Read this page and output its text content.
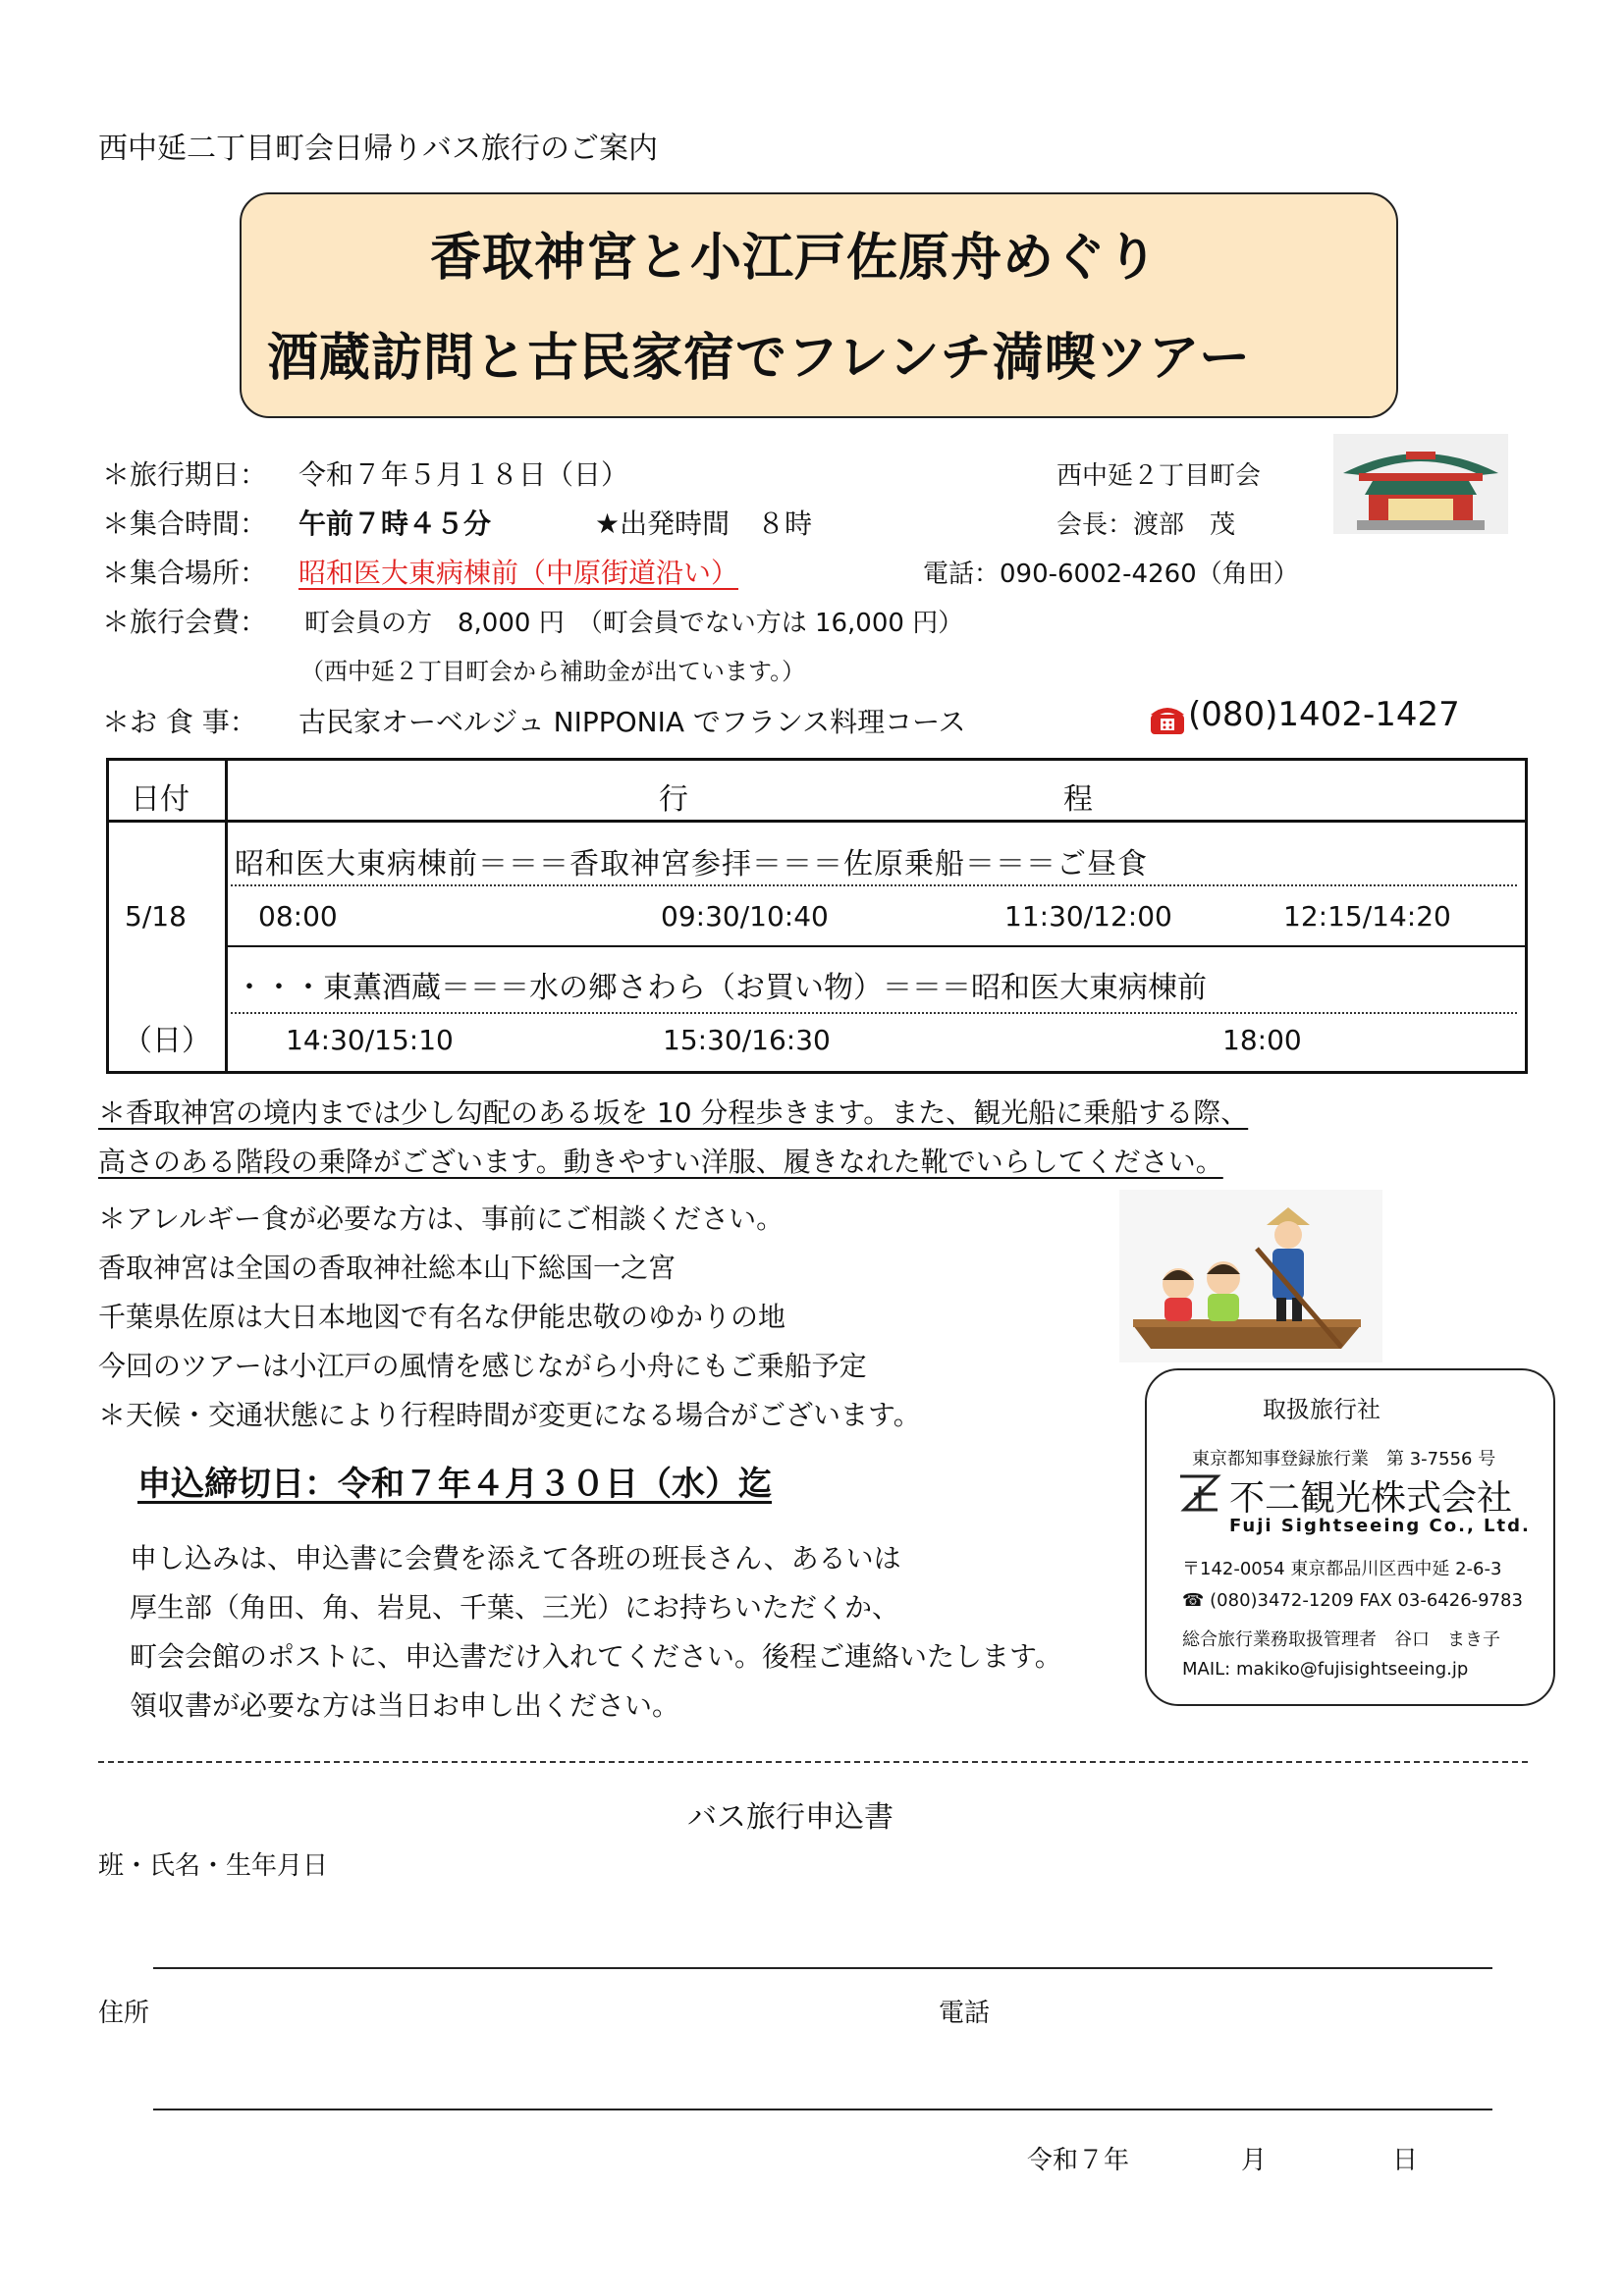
西中延二丁目町会日帰りバス旅行のご案内
香取神宮と小江戸佐原舟めぐり
酒蔵訪問と古民家宿でフレンチ満喫ツアー
＊旅行期日： 令和７年５月１８日（日）
＊集合時間： 午前７時４５分	★出発時間　８時
＊集合場所： 昭和医大東病棟前（中原街道沿い）
＊旅行会費： 町会員の方　8,000 円　（町会員でない方は 16,000 円）
（西中延２丁目町会から補助金が出ています。）
＊お 食 事： 古民家オーベルジュ NIPPONIA でフランス料理コース	(080)1402-1427
西中延２丁目町会
会長：渡部　茂
電話：090-6002-4260（角田）
日付	行	程
5/18
（日）
昭和医大東病棟前＝＝＝香取神宮参拝＝＝＝佐原乗船＝＝＝ご昼食
08:00	09:30/10:40	11:30/12:00	12:15/14:20
・・・東薫酒蔵＝＝＝水の郷さわら（お買い物）＝＝＝昭和医大東病棟前
14:30/15:10	15:30/16:30	18:00
＊香取神宮の境内までは少し勾配のある坂を 10 分程歩きます。また、観光船に乗船する際、
高さのある階段の乗降がございます。動きやすい洋服、履きなれた靴でいらしてください。
＊アレルギー食が必要な方は、事前にご相談ください。
香取神宮は全国の香取神社総本山下総国一之宮
千葉県佐原は大日本地図で有名な伊能忠敬のゆかりの地
今回のツアーは小江戸の風情を感じながら小舟にもご乗船予定
＊天候・交通状態により行程時間が変更になる場合がございます。
申込締切日：令和７年４月３０日（水）迄
申し込みは、申込書に会費を添えて各班の班長さん、あるいは
厚生部（角田、角、岩見、千葉、三光）にお持ちいただくか、
町会会館のポストに、申込書だけ入れてください。後程ご連絡いたします。
領収書が必要な方は当日お申し出ください。
取扱旅行社
東京都知事登録旅行業　第 3-7556 号
不二観光株式会社
Fuji Sightseeing Co., Ltd.
〒142-0054 東京都品川区西中延 2-6-3
☎ (080)3472-1209 FAX 03-6426-9783
総合旅行業務取扱管理者　谷口　まき子
MAIL: makiko@fujisightseeing.jp
バス旅行申込書
班・氏名・生年月日
住所	電話
令和７年	月	日
